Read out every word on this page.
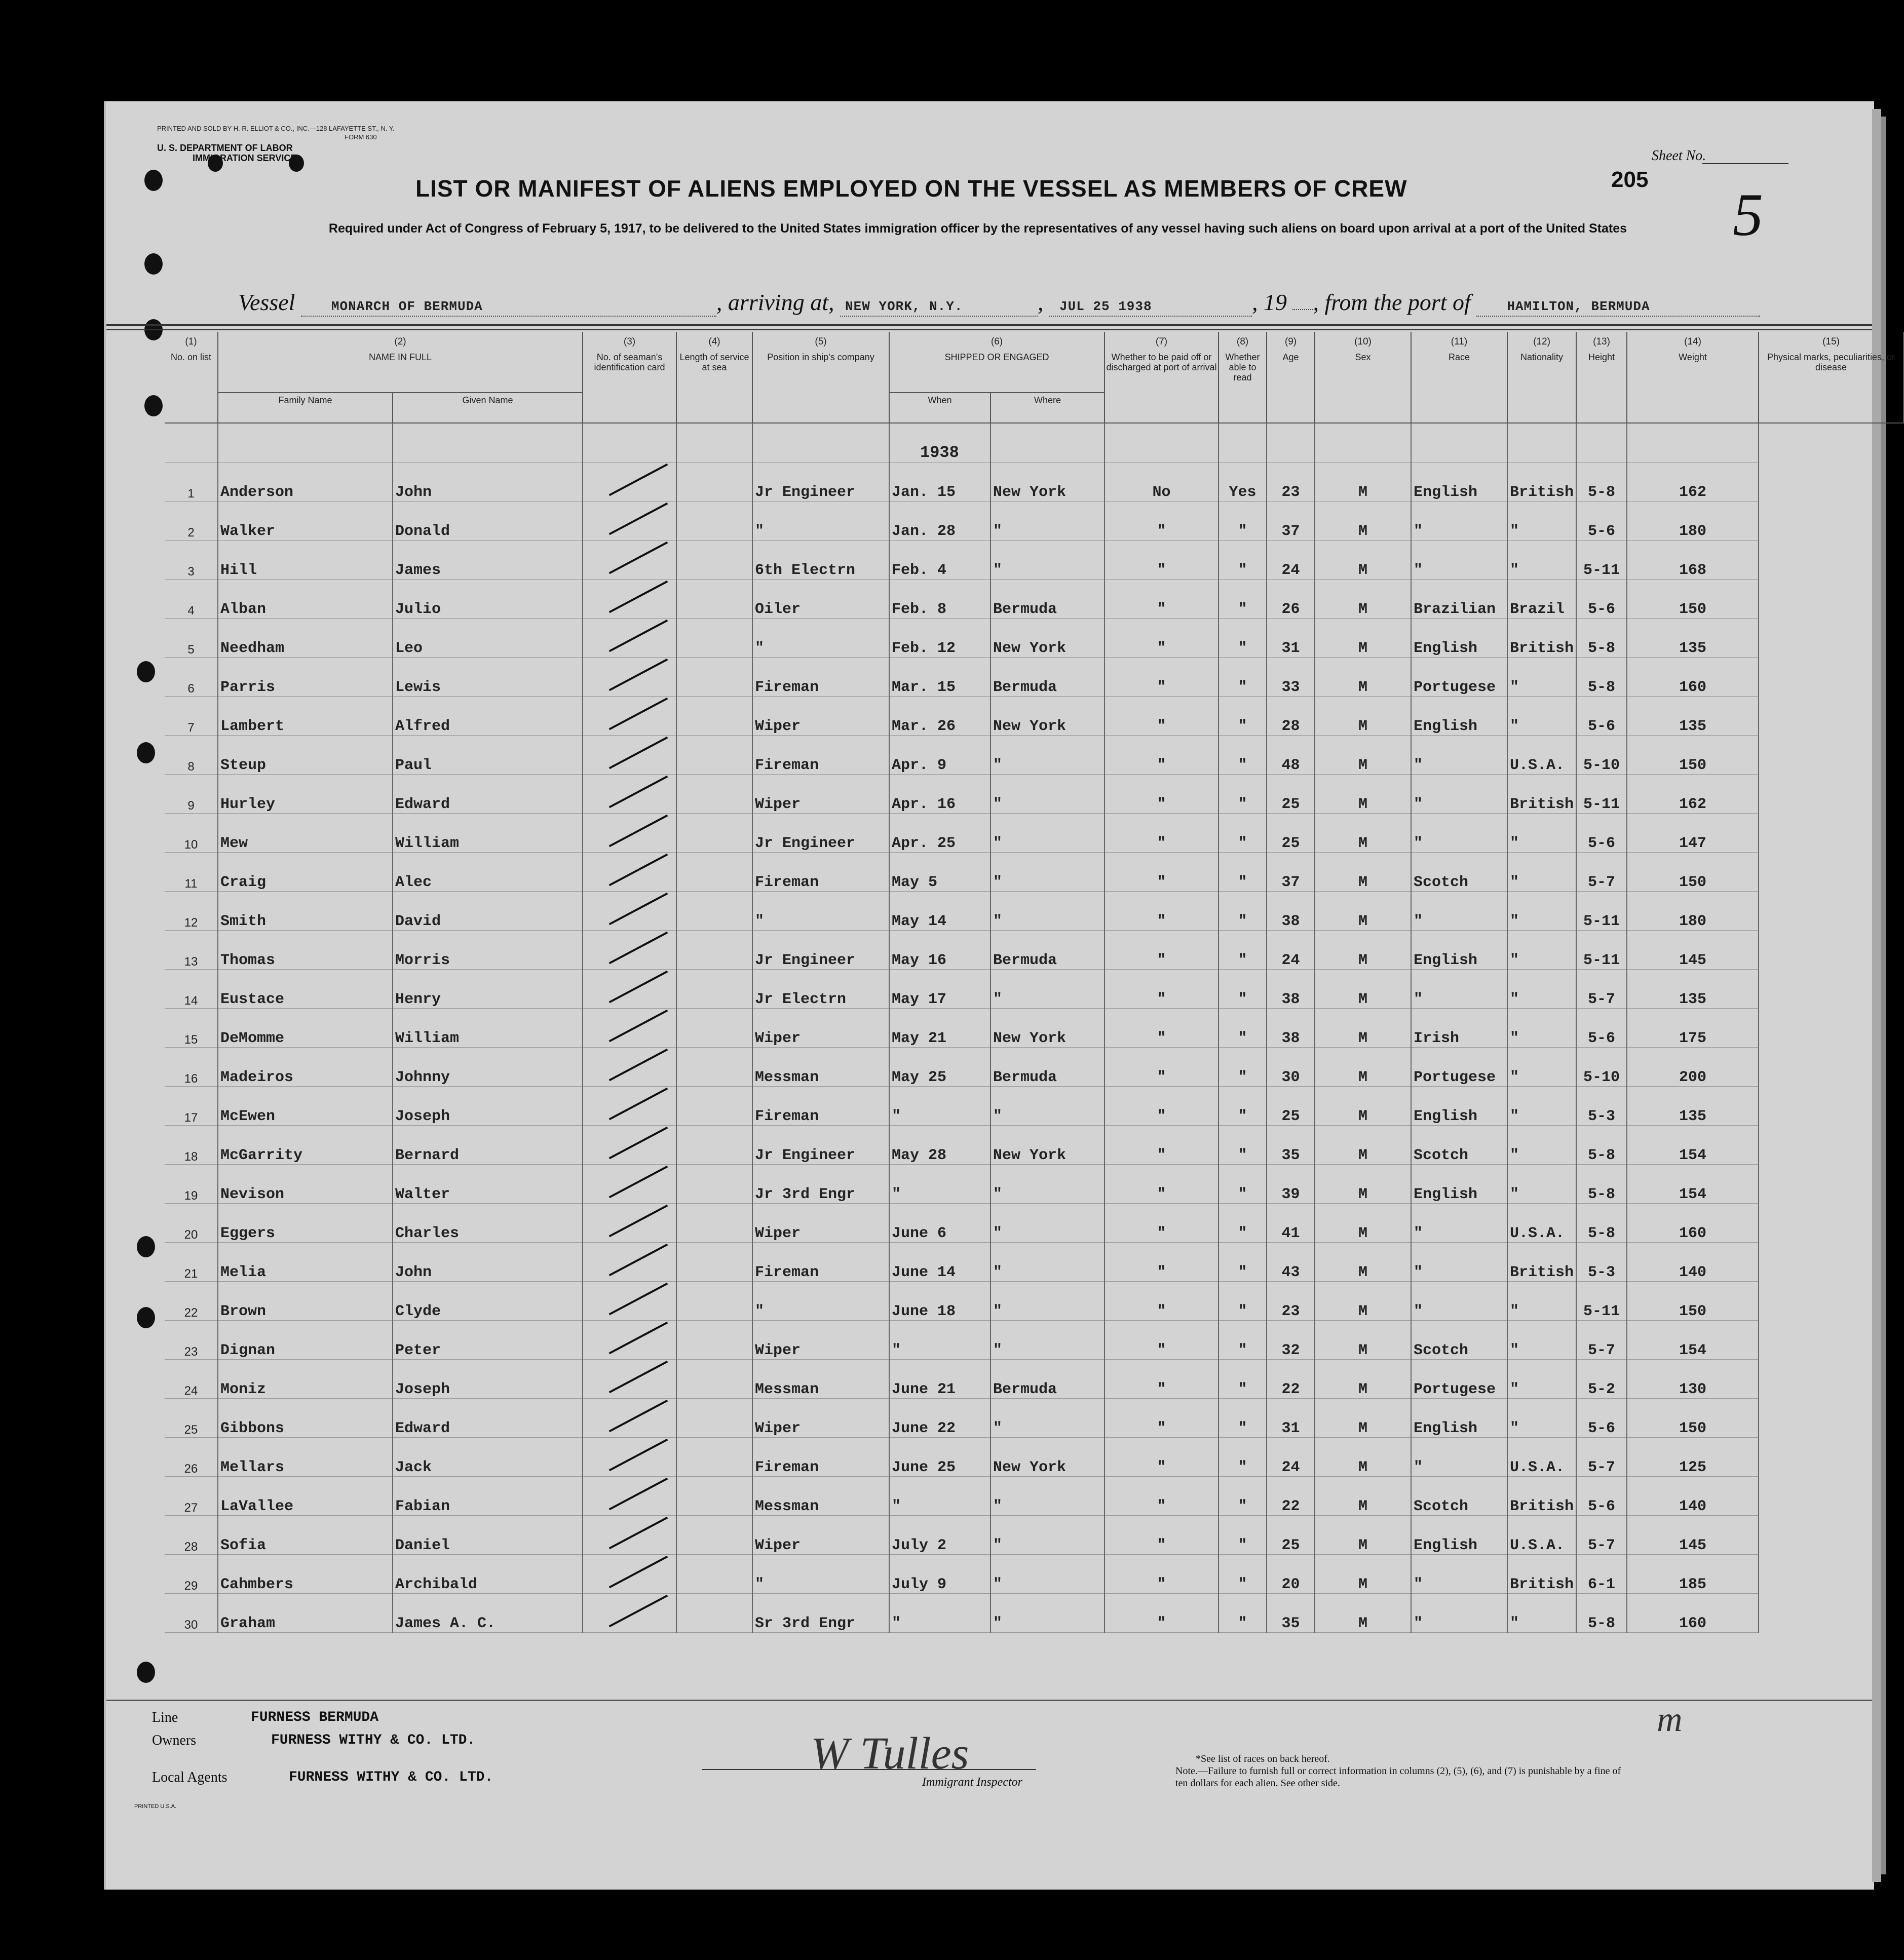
PRINTED AND SOLD BY H. R. ELLIOT & CO., INC.—128 LAFAYETTE ST., N. Y.
FORM 630
U. S. DEPARTMENT OF LABOR
IMMIGRATION SERVICE	Sheet No.
205
5
LIST OR MANIFEST OF ALIENS EMPLOYED ON THE VESSEL AS MEMBERS OF CREW
Required under Act of Congress of February 5, 1917, to be delivered to the United States immigration officer by the representatives of any vessel having such aliens on board upon arrival at a port of the United States
Vessel	MONARCH OF BERMUDA	, arriving at, NEW YORK, N.Y.	, JUL 25 1938	, 19 , from the port of	HAMILTON, BERMUDA
(1)
No. on list	(2)
NAME IN FULL		(3)
No. of seaman's identification card	(4)
Length of service at sea	(5)
Position in ship's company	(6)
SHIPPED OR ENGAGED		(7)
Whether to be paid off or discharged at port of arrival	(8)
Whether able to read	(9)
Age	(10)
Sex	(11)
Race	(12)
Nationality	(13)
Height	(14)
Weight	(15)
Physical marks, peculiarities, or disease
	Family Name	Given Name				When	Where									
						1938										
1	Anderson	John			Jr Engineer	Jan. 15	New York	No	Yes	23	M	English	British	5-8	162	
2	Walker	Donald			"	Jan. 28	"	"	"	37	M	"	"	5-6	180	
3	Hill	James			6th Electrn	Feb. 4	"	"	"	24	M	"	"	5-11	168	
4	Alban	Julio			Oiler	Feb. 8	Bermuda	"	"	26	M	Brazilian	Brazil	5-6	150	
5	Needham	Leo			"	Feb. 12	New York	"	"	31	M	English	British	5-8	135	
6	Parris	Lewis			Fireman	Mar. 15	Bermuda	"	"	33	M	Portugese	"	5-8	160	
7	Lambert	Alfred			Wiper	Mar. 26	New York	"	"	28	M	English	"	5-6	135	
8	Steup	Paul			Fireman	Apr. 9	"	"	"	48	M	"	U.S.A.	5-10	150	
9	Hurley	Edward			Wiper	Apr. 16	"	"	"	25	M	"	British	5-11	162	
10	Mew	William			Jr Engineer	Apr. 25	"	"	"	25	M	"	"	5-6	147	
11	Craig	Alec			Fireman	May 5	"	"	"	37	M	Scotch	"	5-7	150	
12	Smith	David			"	May 14	"	"	"	38	M	"	"	5-11	180	
13	Thomas	Morris			Jr Engineer	May 16	Bermuda	"	"	24	M	English	"	5-11	145	
14	Eustace	Henry			Jr Electrn	May 17	"	"	"	38	M	"	"	5-7	135	
15	DeMomme	William			Wiper	May 21	New York	"	"	38	M	Irish	"	5-6	175	
16	Madeiros	Johnny			Messman	May 25	Bermuda	"	"	30	M	Portugese	"	5-10	200	
17	McEwen	Joseph			Fireman	"	"	"	"	25	M	English	"	5-3	135	
18	McGarrity	Bernard			Jr Engineer	May 28	New York	"	"	35	M	Scotch	"	5-8	154	
19	Nevison	Walter			Jr 3rd Engr	"	"	"	"	39	M	English	"	5-8	154	
20	Eggers	Charles			Wiper	June 6	"	"	"	41	M	"	U.S.A.	5-8	160	
21	Melia	John			Fireman	June 14	"	"	"	43	M	"	British	5-3	140	
22	Brown	Clyde			"	June 18	"	"	"	23	M	"	"	5-11	150	
23	Dignan	Peter			Wiper	"	"	"	"	32	M	Scotch	"	5-7	154	
24	Moniz	Joseph			Messman	June 21	Bermuda	"	"	22	M	Portugese	"	5-2	130	
25	Gibbons	Edward			Wiper	June 22	"	"	"	31	M	English	"	5-6	150	
26	Mellars	Jack			Fireman	June 25	New York	"	"	24	M	"	U.S.A.	5-7	125	
27	LaVallee	Fabian			Messman	"	"	"	"	22	M	Scotch	British	5-6	140	
28	Sofia	Daniel			Wiper	July 2	"	"	"	25	M	English	U.S.A.	5-7	145	
29	Cahmbers	Archibald			"	July 9	"	"	"	20	M	"	British	6-1	185	
30	Graham	James A. C.			Sr 3rd Engr	"	"	"	"	35	M	"	"	5-8	160	
Line	FURNESS BERMUDA
Owners	FURNESS WITHY & CO. LTD.
Local Agents	FURNESS WITHY & CO. LTD.	W Tulles
Immigrant Inspector
*See list of races on back hereof.
Note.—Failure to furnish full or correct information in columns (2), (5), (6), and (7) is punishable by a fine of ten dollars for each alien. See other side.
m
PRINTED U.S.A.
